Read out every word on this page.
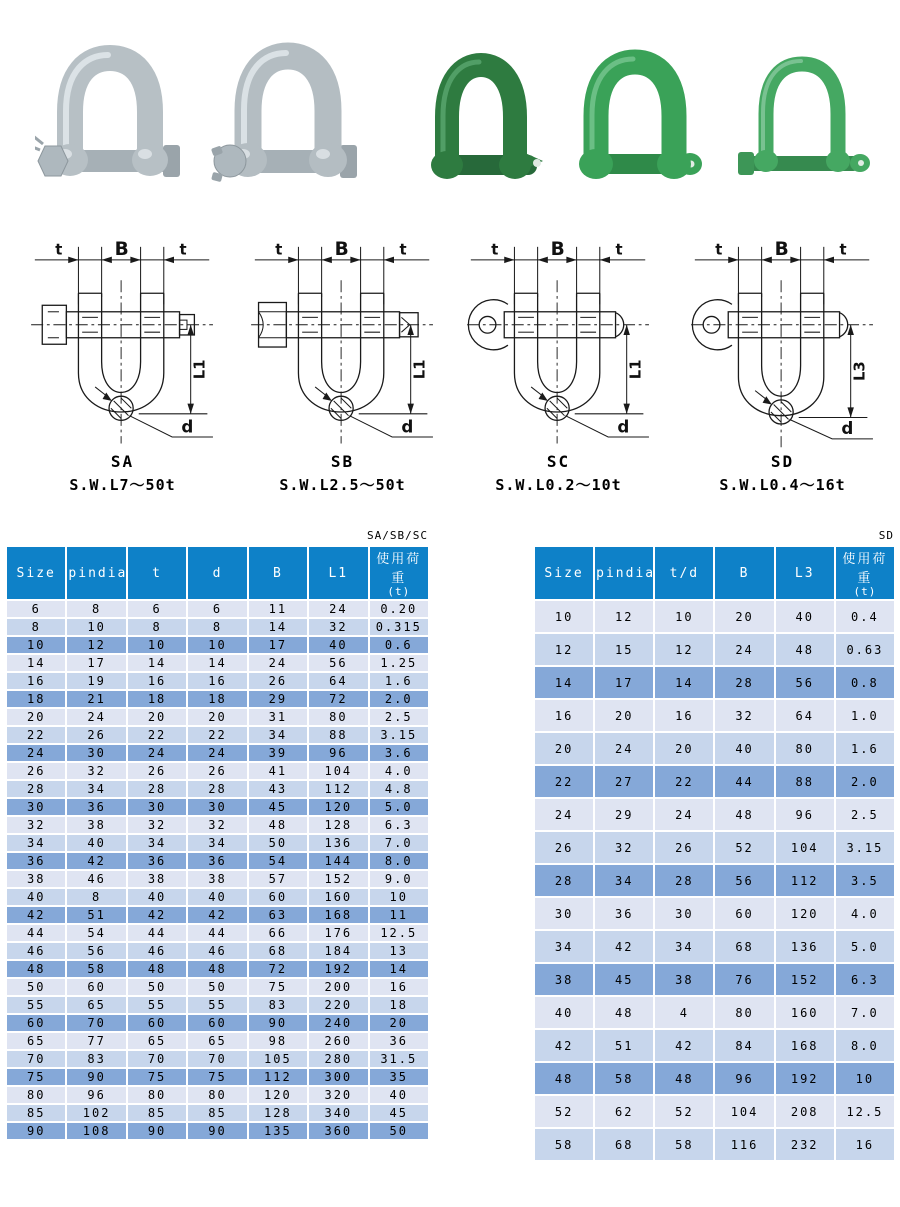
t	B	t
L1
d
SA
S.W.L7～50t
t	B	t
L1
d
SB
S.W.L2.5～50t
t	B	t
L1
d
SC
S.W.L0.2～10t
t	B	t
L3
d
SD
S.W.L0.4～16t
SA/SB/SC
Size	pindia	t	d	B	L1	使用荷重
(t)

6	8	6	6	11	24	0.20
8	10	8	8	14	32	0.315
10	12	10	10	17	40	0.6
14	17	14	14	24	56	1.25
16	19	16	16	26	64	1.6
18	21	18	18	29	72	2.0
20	24	20	20	31	80	2.5
22	26	22	22	34	88	3.15
24	30	24	24	39	96	3.6
26	32	26	26	41	104	4.0
28	34	28	28	43	112	4.8
30	36	30	30	45	120	5.0
32	38	32	32	48	128	6.3
34	40	34	34	50	136	7.0
36	42	36	36	54	144	8.0
38	46	38	38	57	152	9.0
40	8	40	40	60	160	10
42	51	42	42	63	168	11
44	54	44	44	66	176	12.5
46	56	46	46	68	184	13
48	58	48	48	72	192	14
50	60	50	50	75	200	16
55	65	55	55	83	220	18
60	70	60	60	90	240	20
65	77	65	65	98	260	36
70	83	70	70	105	280	31.5
75	90	75	75	112	300	35
80	96	80	80	120	320	40
85	102	85	85	128	340	45
90	108	90	90	135	360	50
SD
Size	pindia	t/d	B	L3	使用荷重
(t)

10	12	10	20	40	0.4
12	15	12	24	48	0.63
14	17	14	28	56	0.8
16	20	16	32	64	1.0
20	24	20	40	80	1.6
22	27	22	44	88	2.0
24	29	24	48	96	2.5
26	32	26	52	104	3.15
28	34	28	56	112	3.5
30	36	30	60	120	4.0
34	42	34	68	136	5.0
38	45	38	76	152	6.3
40	48	4	80	160	7.0
42	51	42	84	168	8.0
48	58	48	96	192	10
52	62	52	104	208	12.5
58	68	58	116	232	16
